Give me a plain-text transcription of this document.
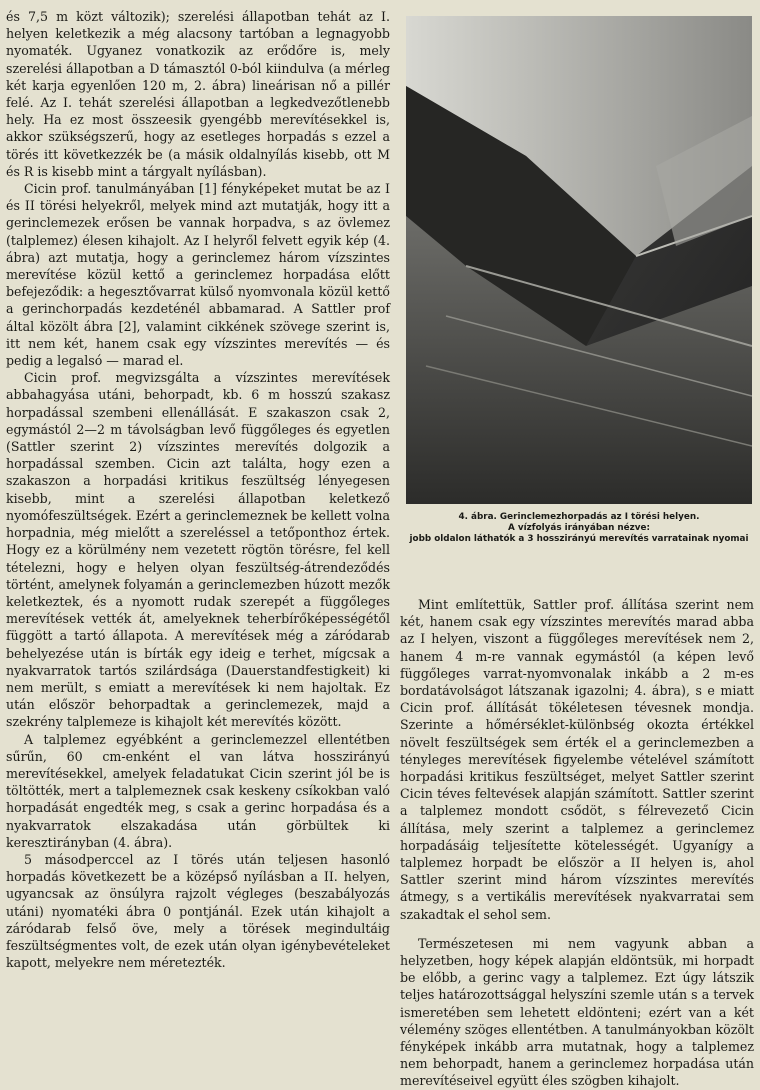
és 7,5 m közt változik); szerelési állapotban tehát az I. helyen keletkezik a még alacsony tartóban a legnagyobb nyomaték. Ugyanez vonatkozik az erődőre is, mely szerelési állapotban a D támasztól 0-ból kiindulva (a mérleg két karja egyenlően 120 m, 2. ábra) lineárisan nő a pillér felé. Az I. tehát szerelési állapotban a legkedvezőtlenebb hely. Ha ez most összeesik gyengébb merevítésekkel is, akkor szükségszerű, hogy az esetleges horpadás s ezzel a törés itt következzék be (a másik oldalnyílás kisebb, ott M és R is kisebb mint a tárgyalt nyílásban).

Cicin prof. tanulmányában [1] fényképeket mutat be az I és II törési helyekről, melyek mind azt mutatják, hogy itt a gerinclemezek erősen be vannak horpadva, s az övlemez (talplemez) élesen kihajolt. Az I helyről felvett egyik kép (4. ábra) azt mutatja, hogy a gerinclemez három vízszintes merevítése közül kettő a gerinclemez horpadása előtt befejeződik: a hegesztővarrat külső nyomvonala közül kettő a gerinchorpadás kezdeténél abbamarad. A Sattler prof által közölt ábra [2], valamint cikkének szövege szerint is, itt nem két, hanem csak egy vízszintes merevítés — és pedig a legalsó — marad el.

Cicin prof. megvizsgálta a vízszintes merevítések abbahagyása utáni, behorpadt, kb. 6 m hosszú szakasz horpadással szembeni ellenállását. E szakaszon csak 2, egymástól 2—2 m távolságban levő függőleges és egyetlen (Sattler szerint 2) vízszintes merevítés dolgozik a horpadással szemben. Cicin azt találta, hogy ezen a szakaszon a horpadási kritikus feszültség lényegesen kisebb, mint a szerelési állapotban keletkező nyomófeszültségek. Ezért a gerinclemeznek be kellett volna horpadnia, még mielőtt a szereléssel a tetőponthoz értek. Hogy ez a körülmény nem vezetett rögtön törésre, fel kell tételezni, hogy e helyen olyan feszültség-átrendeződés történt, amelynek folyamán a gerinclemezben húzott mezők keletkeztek, és a nyomott rudak szerepét a függőleges merevítések vették át, amelyeknek teherbírőképességétől függött a tartó állapota. A merevítések még a záródarab behelyezése után is bírták egy ideig e terhet, mígcsak a nyakvarratok tartós szilárdsága (Dauerstandfestigkeit) ki nem merült, s emiatt a merevítések ki nem hajoltak. Ez után először behorpadtak a gerinclemezek, majd a szekrény talplemeze is kihajolt két merevítés között.

A talplemez egyébként a gerinclemezzel ellentétben sűrűn, 60 cm-enként el van látva hosszirányú merevítésekkel, amelyek feladatukat Cicin szerint jól be is töltötték, mert a talplemeznek csak keskeny csíkokban való horpadását engedték meg, s csak a gerinc horpadása és a nyakvarratok elszakadása után görbültek ki keresztirányban (4. ábra).

5 másodperccel az I törés után teljesen hasonló horpadás következett be a középső nyílásban a II. helyen, ugyancsak az önsúlyra rajzolt végleges (beszabályozás utáni) nyomatéki ábra 0 pontjánál. Ezek után kihajolt a záródarab felső öve, mely a törések megindultáig feszültségmentes volt, de ezek után olyan igénybevételeket kapott, melyekre nem méretezték.

4. ábra. Gerinclemezhorpadás az I törési helyen.
A vízfolyás irányában nézve:
jobb oldalon láthatók a 3 hosszirányú merevítés varratainak nyomai

Mint említettük, Sattler prof. állítása szerint nem két, hanem csak egy vízszintes merevítés marad abba az I helyen, viszont a függőleges merevítések nem 2, hanem 4 m-re vannak egymástól (a képen levő függőleges varrat-nyomvonalak inkább a 2 m-es bordatávolságot látszanak igazolni; 4. ábra), s e miatt Cicin prof. állítását tökéletesen tévesnek mondja. Szerinte a hőmérséklet-különbség okozta értékkel növelt feszültségek sem érték el a gerinclemezben a tényleges merevítések figyelembe vételével számított horpadási kritikus feszültséget, melyet Sattler szerint Cicin téves feltevések alapján számított. Sattler szerint a talplemez mondott csődöt, s félrevezető Cicin állítása, mely szerint a talplemez a gerinclemez horpadásáig teljesítette kötelességét. Ugyanígy a talplemez horpadt be először a II helyen is, ahol Sattler szerint mind három vízszintes merevítés átmegy, s a vertikális merevítések nyakvarratai sem szakadtak el sehol sem.

Természetesen mi nem vagyunk abban a helyzetben, hogy képek alapján eldöntsük, mi horpadt be előbb, a gerinc vagy a talplemez. Ezt úgy látszik teljes határozottsággal helyszíni szemle után s a tervek ismeretében sem lehetett eldönteni; ezért van a két vélemény szöges ellentétben. A tanulmányokban közölt fényképek inkább arra mutatnak, hogy a talplemez nem behorpadt, hanem a gerinclemez horpadása után merevítéseivel együtt éles szögben kihajolt.
